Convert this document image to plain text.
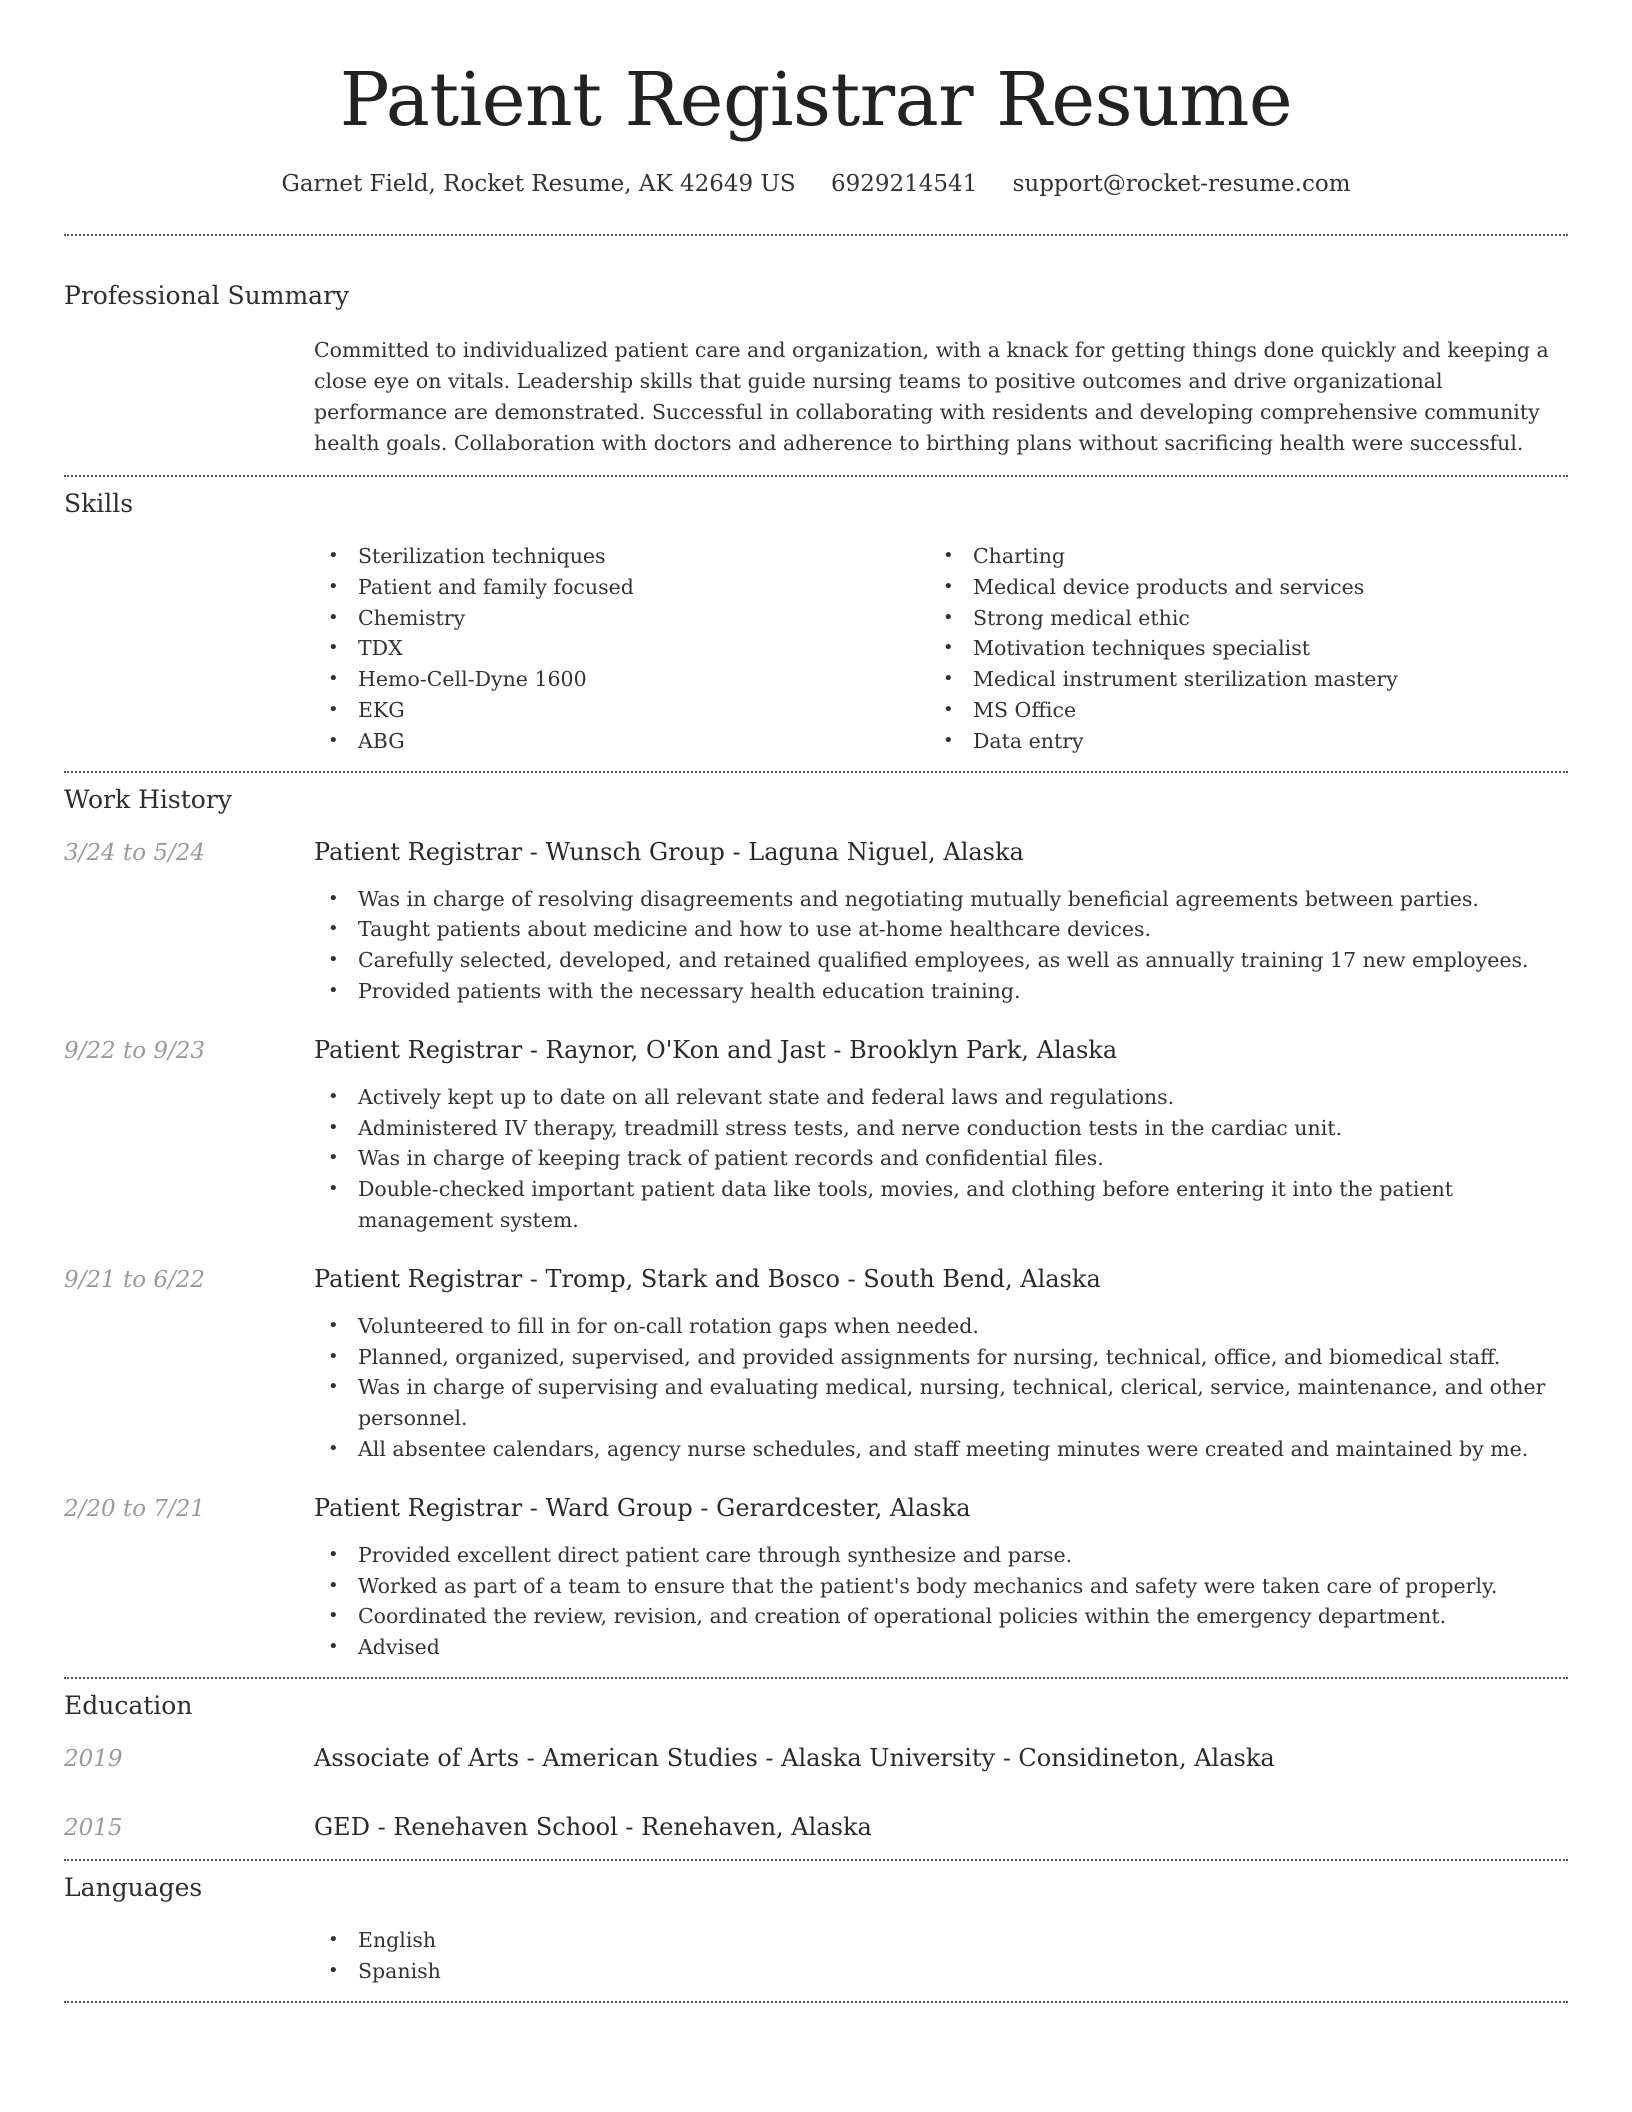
Patient Registrar Resume
Garnet Field, Rocket Resume, AK 42649 US 6929214541 support@rocket-resume.com
Professional Summary

Committed to individualized patient care and organization, with a knack for getting things done quickly and keeping a close eye on vitals. Leadership skills that guide nursing teams to positive outcomes and drive organizational performance are demonstrated. Successful in collaborating with residents and developing comprehensive community health goals. Collaboration with doctors and adherence to birthing plans without sacrificing health were successful.

Skills
• Sterilization techniques
• Patient and family focused
• Chemistry
• TDX
• Hemo-Cell-Dyne 1600
• EKG
• ABG
• Charting
• Medical device products and services
• Strong medical ethic
• Motivation techniques specialist
• Medical instrument sterilization mastery
• MS Office
• Data entry
Work History
3/24 to 5/24	Patient Registrar - Wunsch Group - Laguna Niguel, Alaska
• Was in charge of resolving disagreements and negotiating mutually beneficial agreements between parties.
• Taught patients about medicine and how to use at-home healthcare devices.
• Carefully selected, developed, and retained qualified employees, as well as annually training 17 new employees.
• Provided patients with the necessary health education training.
9/22 to 9/23	Patient Registrar - Raynor, O'Kon and Jast - Brooklyn Park, Alaska
• Actively kept up to date on all relevant state and federal laws and regulations.
• Administered IV therapy, treadmill stress tests, and nerve conduction tests in the cardiac unit.
• Was in charge of keeping track of patient records and confidential files.
• Double-checked important patient data like tools, movies, and clothing before entering it into the patient management system.
9/21 to 6/22	Patient Registrar - Tromp, Stark and Bosco - South Bend, Alaska
• Volunteered to fill in for on-call rotation gaps when needed.
• Planned, organized, supervised, and provided assignments for nursing, technical, office, and biomedical staff.
• Was in charge of supervising and evaluating medical, nursing, technical, clerical, service, maintenance, and other personnel.
• All absentee calendars, agency nurse schedules, and staff meeting minutes were created and maintained by me.
2/20 to 7/21	Patient Registrar - Ward Group - Gerardcester, Alaska
• Provided excellent direct patient care through synthesize and parse.
• Worked as part of a team to ensure that the patient's body mechanics and safety were taken care of properly.
• Coordinated the review, revision, and creation of operational policies within the emergency department.
• Advised
Education
2019	Associate of Arts - American Studies - Alaska University - Considineton, Alaska
2015	GED - Renehaven School - Renehaven, Alaska
Languages
• English
• Spanish
